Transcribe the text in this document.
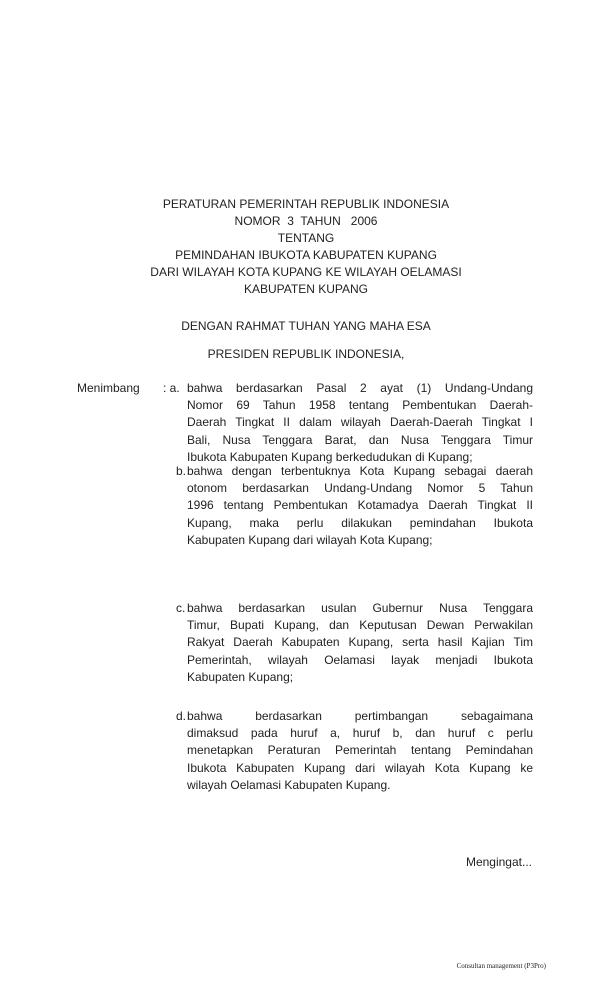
PERATURAN PEMERINTAH REPUBLIK INDONESIA
NOMOR  3  TAHUN   2006
TENTANG
PEMINDAHAN IBUKOTA KABUPATEN KUPANG
DARI WILAYAH KOTA KUPANG KE WILAYAH OELAMASI
KABUPATEN KUPANG
DENGAN RAHMAT TUHAN YANG MAHA ESA
PRESIDEN REPUBLIK INDONESIA,
Menimbang : a. bahwa berdasarkan Pasal 2 ayat (1) Undang-Undang
Nomor 69 Tahun 1958 tentang Pembentukan Daerah-
Daerah Tingkat II dalam wilayah Daerah-Daerah Tingkat I
Bali, Nusa Tenggara Barat, dan Nusa Tenggara Timur
Ibukota Kabupaten Kupang berkedudukan di Kupang;
b. bahwa dengan terbentuknya Kota Kupang sebagai daerah
otonom berdasarkan Undang-Undang Nomor 5 Tahun
1996 tentang Pembentukan Kotamadya Daerah Tingkat II
Kupang, maka perlu dilakukan pemindahan Ibukota
Kabupaten Kupang dari wilayah Kota Kupang;
c. bahwa berdasarkan usulan Gubernur Nusa Tenggara
Timur, Bupati Kupang, dan Keputusan Dewan Perwakilan
Rakyat Daerah Kabupaten Kupang, serta hasil Kajian Tim
Pemerintah, wilayah Oelamasi layak menjadi Ibukota
Kabupaten Kupang;
d. bahwa berdasarkan pertimbangan sebagaimana
dimaksud pada huruf a, huruf b, dan huruf c perlu
menetapkan Peraturan Pemerintah tentang Pemindahan
Ibukota Kabupaten Kupang dari wilayah Kota Kupang ke
wilayah Oelamasi Kabupaten Kupang.
Mengingat...
Consultan management (P3Pro)
